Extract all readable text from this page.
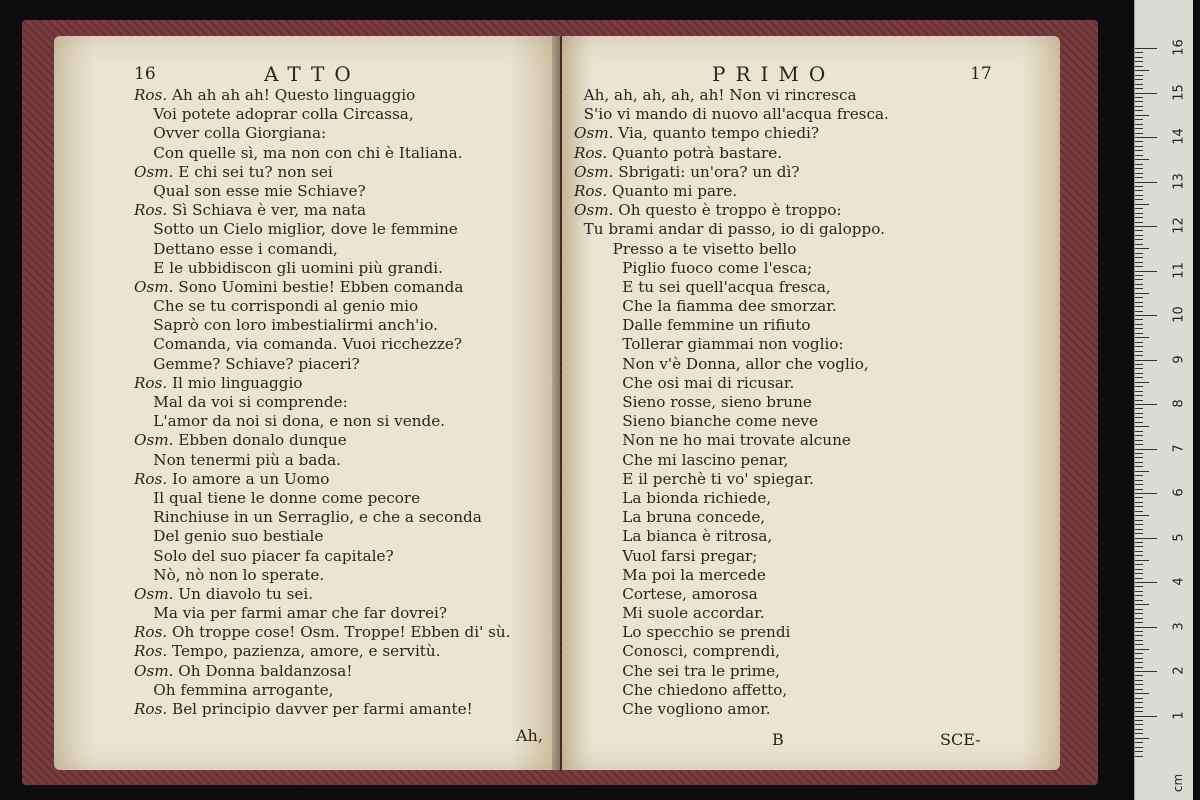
16	ATTO
Ros. Ah ah ah ah! Questo linguaggio
Voi potete adoprar colla Circassa,
Ovver colla Giorgiana:
Con quelle sì, ma non con chi è Italiana.
Osm. E chi sei tu? non sei
Qual son esse mie Schiave?
Ros. Sì Schiava è ver, ma nata
Sotto un Cielo miglior, dove le femmine
Dettano esse i comandi,
E le ubbidiscon gli uomini più grandi.
Osm. Sono Uomini bestie! Ebben comanda
Che se tu corrispondi al genio mio
Saprò con loro imbestialirmi anch'io.
Comanda, via comanda. Vuoi ricchezze?
Gemme? Schiave? piaceri?
Ros. Il mio linguaggio
Mal da voi si comprende:
L'amor da noi si dona, e non si vende.
Osm. Ebben donalo dunque
Non tenermi più a bada.
Ros. Io amore a un Uomo
Il qual tiene le donne come pecore
Rinchiuse in un Serraglio, e che a seconda
Del genio suo bestiale
Solo del suo piacer fa capitale?
Nò, nò non lo sperate.
Osm. Un diavolo tu sei.
Ma via per farmi amar che far dovrei?
Ros. Oh troppe cose! Osm. Troppe! Ebben di' sù.
Ros. Tempo, pazienza, amore, e servitù.
Osm. Oh Donna baldanzosa!
Oh femmina arrogante,
Ros. Bel principio davver per farmi amante!
Ah,
PRIMO	17
Ah, ah, ah, ah, ah! Non vi rincresca
S'io vi mando di nuovo all'acqua fresca.
Osm. Via, quanto tempo chiedi?
Ros. Quanto potrà bastare.
Osm. Sbrigati: un'ora? un dì?
Ros. Quanto mi pare.
Osm. Oh questo è troppo è troppo:
Tu brami andar di passo, io di galoppo.
Presso a te visetto bello
Piglio fuoco come l'esca;
E tu sei quell'acqua fresca,
Che la fiamma dee smorzar.
Dalle femmine un rifiuto
Tollerar giammai non voglio:
Non v'è Donna, allor che voglio,
Che osi mai di ricusar.
Sieno rosse, sieno brune
Sieno bianche come neve
Non ne ho mai trovate alcune
Che mi lascino penar,
E il perchè ti vo' spiegar.
La bionda richiede,
La bruna concede,
La bianca è ritrosa,
Vuol farsi pregar;
Ma poi la mercede
Cortese, amorosa
Mi suole accordar.
Lo specchio se prendi
Conosci, comprendi,
Che sei tra le prime,
Che chiedono affetto,
Che vogliono amor.
B	SCE-
cm
1
2
3
4
5
6
7
8
9
10
11
12
13
14
15
16
